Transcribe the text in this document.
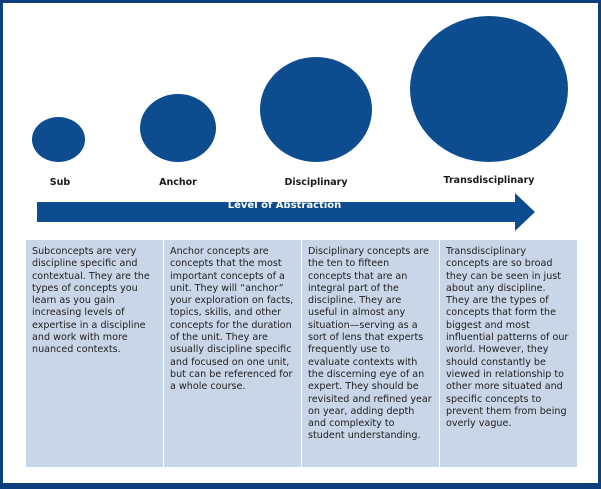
Sub	Anchor	Disciplinary	Transdisciplinary
Level of Abstraction
Subconcepts are very discipline specific and contextual. They are the types of concepts you learn as you gain increasing levels of expertise in a discipline and work with more nuanced contexts.
Anchor concepts are concepts that the most important concepts of a unit. They will “anchor” your exploration on facts, topics, skills, and other concepts for the duration of the unit. They are usually discipline specific and focused on one unit, but can be referenced for a whole course.
Disciplinary concepts are the ten to fifteen concepts that are an integral part of the discipline. They are useful in almost any situation—serving as a sort of lens that experts frequently use to evaluate contexts with the discerning eye of an expert. They should be revisited and refined year on year, adding depth and complexity to student understanding.
Transdisciplinary concepts are so broad they can be seen in just about any discipline. They are the types of concepts that form the biggest and most influential patterns of our world. However, they should constantly be viewed in relationship to other more situated and specific concepts to prevent them from being overly vague.
